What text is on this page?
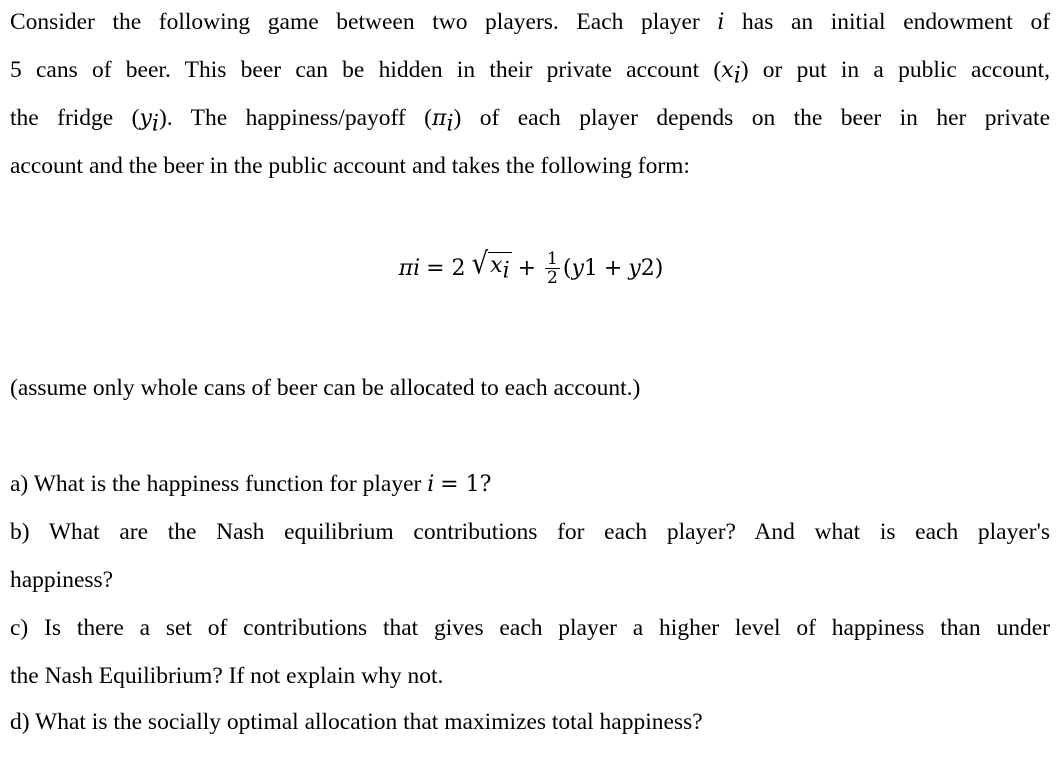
Consider the following game between two players. Each player i has an initial endowment of
5 cans of beer. This beer can be hidden in their private account $(x_i)$ or put in a public account,
the fridge $(y_i)$. The happiness/payoff $(\pi_i)$ of each player depends on the beer in her private
account and the beer in the public account and takes the following form:
π i = 2 √ $x_i + \frac{1}{2}$ ( y 1 + y 2 )
(assume only whole cans of beer can be allocated to each account.)
a) What is the happiness function for player i = 1?
b) What are the Nash equilibrium contributions for each player? And what is each player's
happiness?
c) Is there a set of contributions that gives each player a higher level of happiness than under
the Nash Equilibrium? If not explain why not.
d) What is the socially optimal allocation that maximizes total happiness?
